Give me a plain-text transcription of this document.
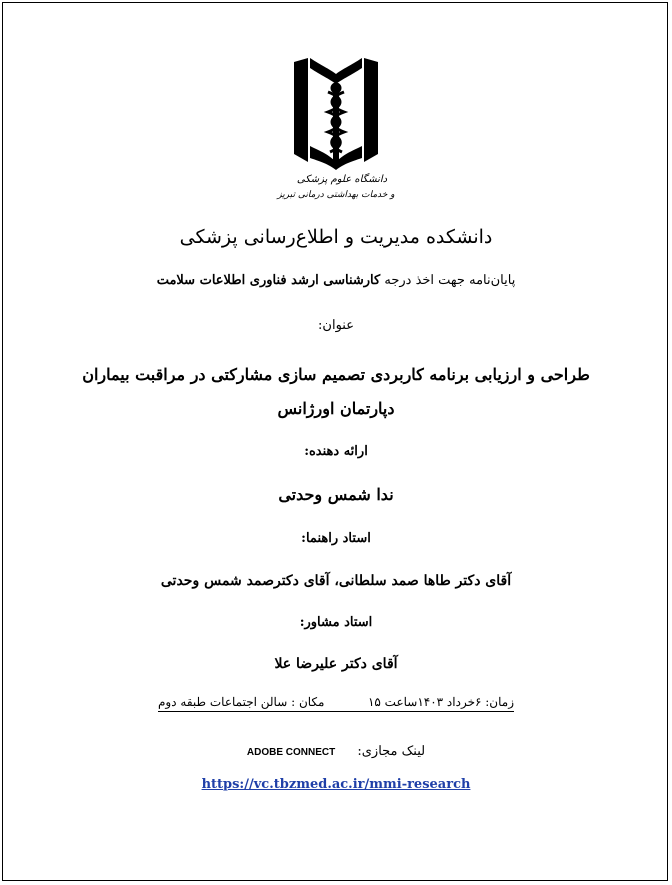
دانشگاه علوم پزشکی
و خدمات بهداشتی درمانی تبریز
دانشکده مدیریت و اطلاع‌رسانی پزشکی
پایان‌نامه جهت اخذ درجه کارشناسی ارشد فناوری اطلاعات سلامت
عنوان:
طراحی و ارزیابی برنامه کاربردی تصمیم سازی مشارکتی در مراقبت بیماران دپارتمان اورژانس
ارائه دهنده:
ندا شمس وحدتی
استاد راهنما:
آقای دکتر طاها صمد سلطانی، آقای دکترصمد شمس وحدتی
استاد مشاور:
آقای دکتر علیرضا علا
زمان: ۶خرداد ۱۴۰۳ساعت ۱۵
مکان : سالن اجتماعات طبقه دوم
لینک مجازی: ADOBE CONNECT
https://vc.tbzmed.ac.ir/mmi-research
